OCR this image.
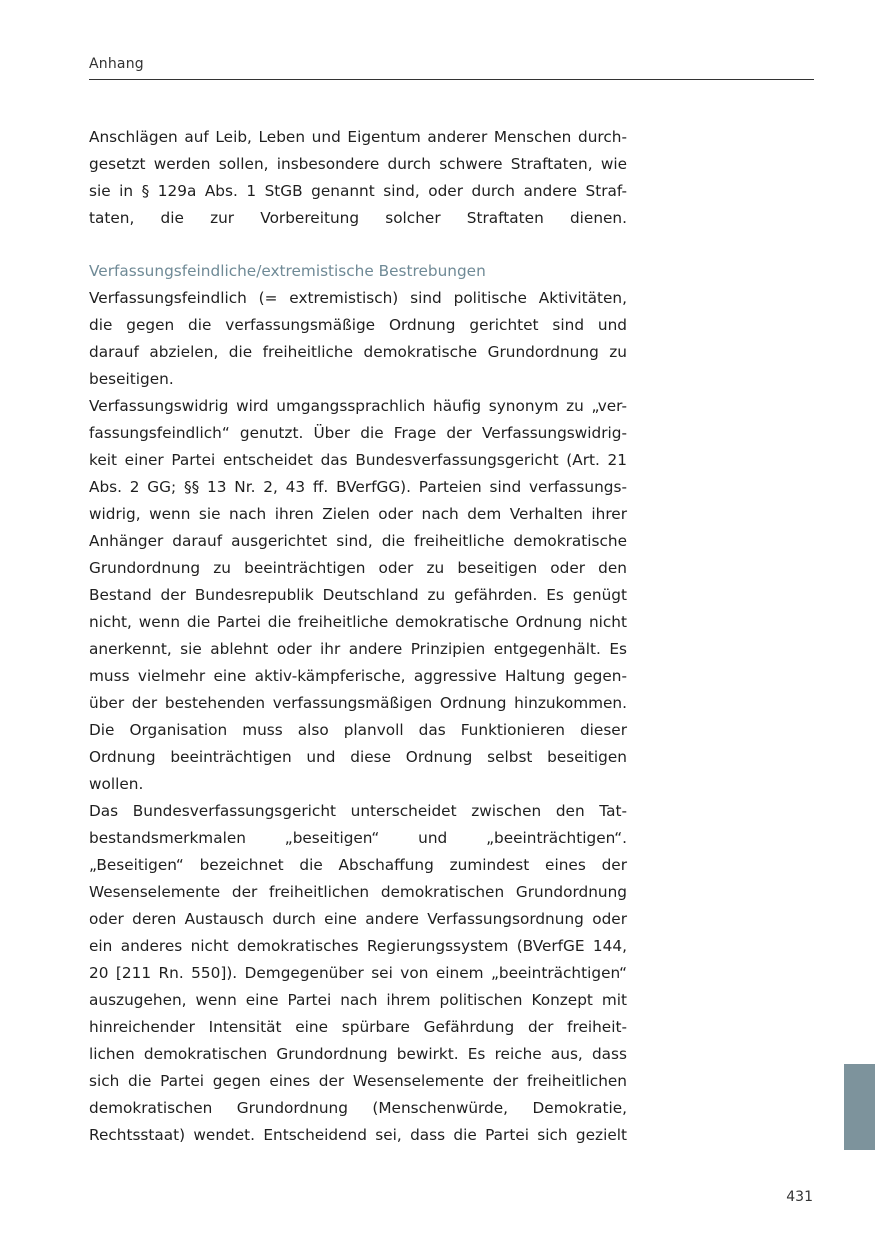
Anhang

Anschlägen auf Leib, Leben und Eigentum anderer Menschen durch-
gesetzt werden sollen, insbesondere durch schwere Straftaten, wie
sie in § 129a Abs. 1 StGB genannt sind, oder durch andere Straf-
taten, die zur Vorbereitung solcher Straftaten dienen.

Verfassungsfeindliche/extremistische Bestrebungen

Verfassungsfeindlich (= extremistisch) sind politische Aktivitäten,
die gegen die verfassungsmäßige Ordnung gerichtet sind und
darauf abzielen, die freiheitliche demokratische Grundordnung zu
beseitigen.

Verfassungswidrig wird umgangssprachlich häufig synonym zu „ver-
fassungsfeindlich“ genutzt. Über die Frage der Verfassungswidrig-
keit einer Partei entscheidet das Bundesverfassungsgericht (Art. 21
Abs. 2 GG; §§ 13 Nr. 2, 43 ff. BVerfGG). Parteien sind verfassungs-
widrig, wenn sie nach ihren Zielen oder nach dem Verhalten ihrer
Anhänger darauf ausgerichtet sind, die freiheitliche demokratische
Grundordnung zu beeinträchtigen oder zu beseitigen oder den
Bestand der Bundesrepublik Deutschland zu gefährden. Es genügt
nicht, wenn die Partei die freiheitliche demokratische Ordnung nicht
anerkennt, sie ablehnt oder ihr andere Prinzipien entgegenhält. Es
muss vielmehr eine aktiv-kämpferische, aggressive Haltung gegen-
über der bestehenden verfassungsmäßigen Ordnung hinzukommen.
Die Organisation muss also planvoll das Funktionieren dieser
Ordnung beeinträchtigen und diese Ordnung selbst beseitigen
wollen.

Das Bundesverfassungsgericht unterscheidet zwischen den Tat-
bestandsmerkmalen „beseitigen“ und „beeinträchtigen“.
„Beseitigen“ bezeichnet die Abschaffung zumindest eines der
Wesenselemente der freiheitlichen demokratischen Grundordnung
oder deren Austausch durch eine andere Verfassungsordnung oder
ein anderes nicht demokratisches Regierungssystem (BVerfGE 144,
20 [211 Rn. 550]). Demgegenüber sei von einem „beeinträchtigen“
auszugehen, wenn eine Partei nach ihrem politischen Konzept mit
hinreichender Intensität eine spürbare Gefährdung der freiheit-
lichen demokratischen Grundordnung bewirkt. Es reiche aus, dass
sich die Partei gegen eines der Wesenselemente der freiheitlichen
demokratischen Grundordnung (Menschenwürde, Demokratie,
Rechtsstaat) wendet. Entscheidend sei, dass die Partei sich gezielt

431
